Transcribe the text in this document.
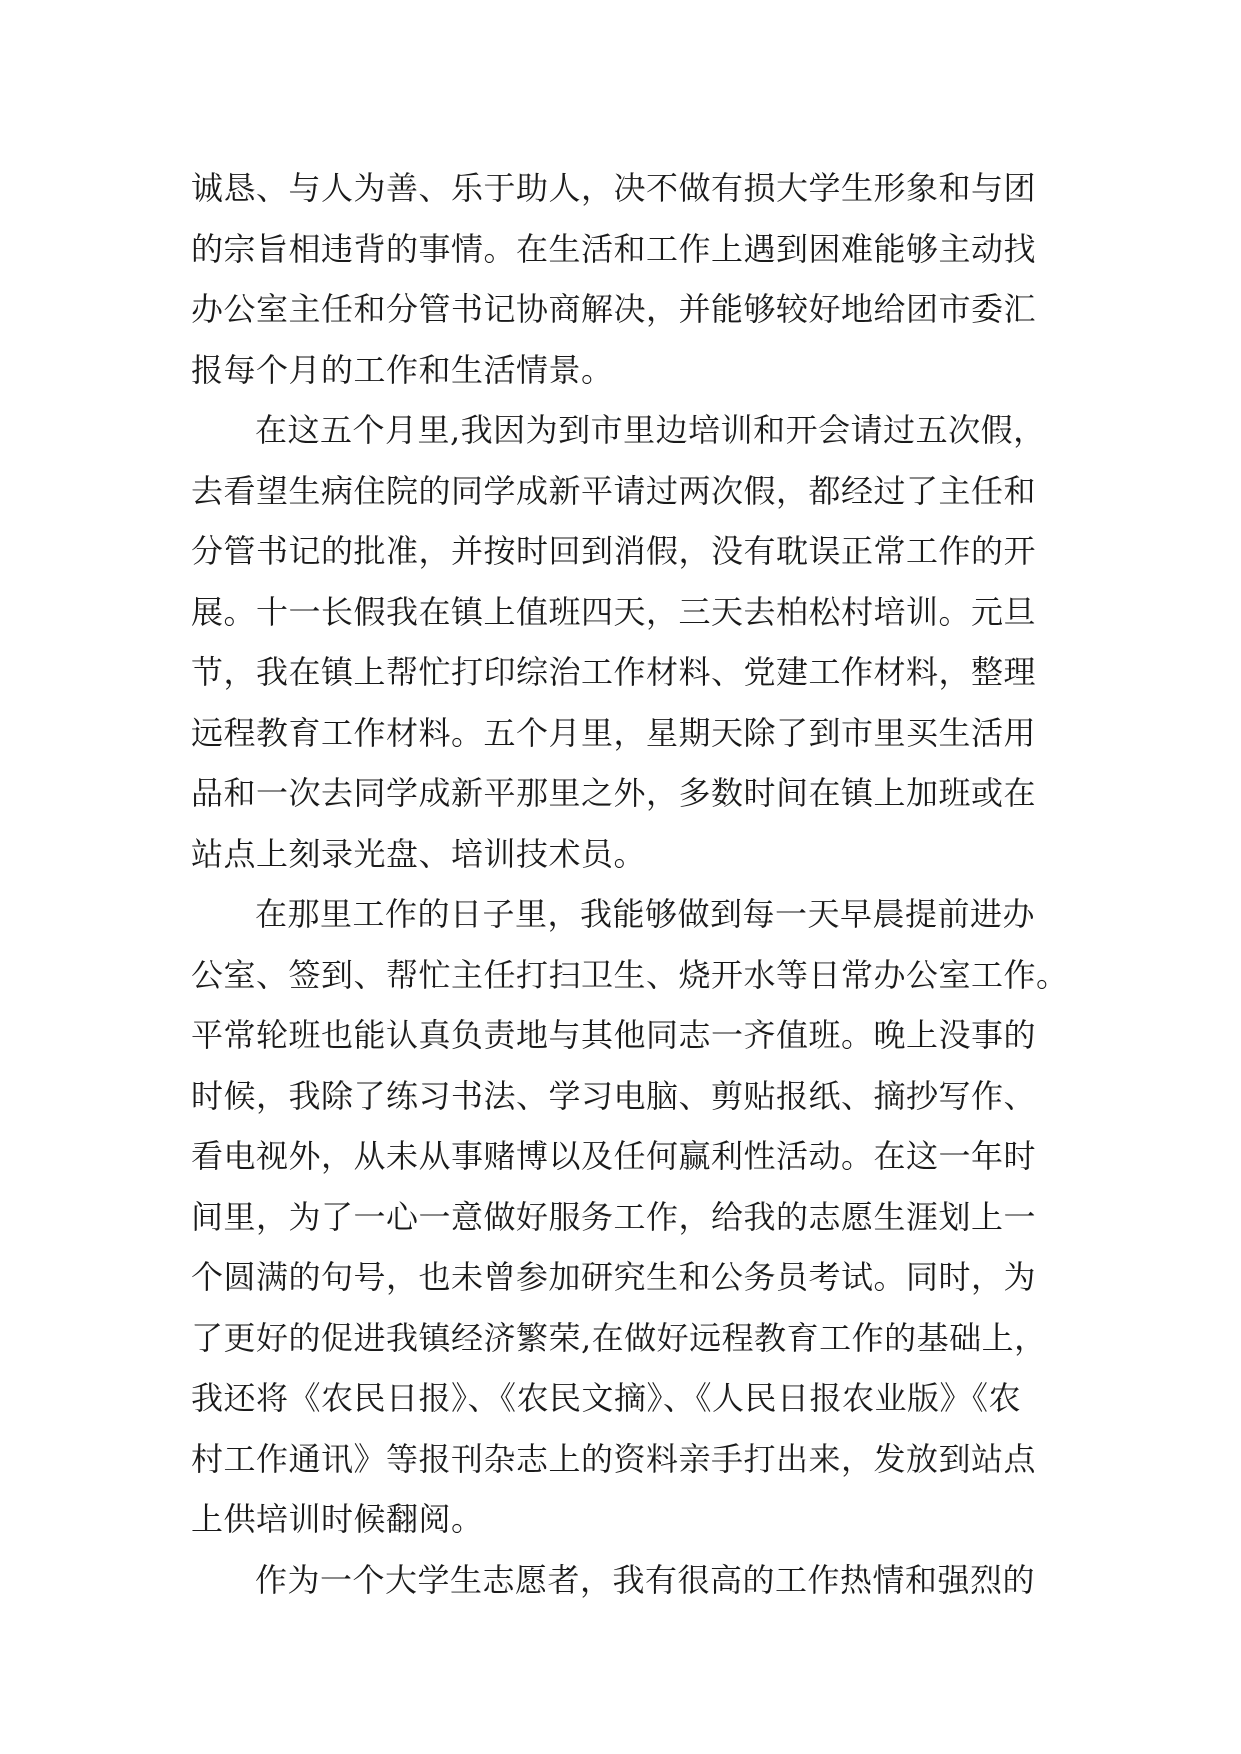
诚恳、与人为善、乐于助人，决不做有损大学生形象和与团
的宗旨相违背的事情。在生活和工作上遇到困难能够主动找
办公室主任和分管书记协商解决，并能够较好地给团市委汇
报每个月的工作和生活情景。
在这五个月里,我因为到市里边培训和开会请过五次假，
去看望生病住院的同学成新平请过两次假，都经过了主任和
分管书记的批准，并按时回到消假，没有耽误正常工作的开
展。十一长假我在镇上值班四天，三天去柏松村培训。元旦
节，我在镇上帮忙打印综治工作材料、党建工作材料，整理
远程教育工作材料。五个月里，星期天除了到市里买生活用
品和一次去同学成新平那里之外，多数时间在镇上加班或在
站点上刻录光盘、培训技术员。
在那里工作的日子里，我能够做到每一天早晨提前进办
公室、签到、帮忙主任打扫卫生、烧开水等日常办公室工作。
平常轮班也能认真负责地与其他同志一齐值班。晚上没事的
时候，我除了练习书法、学习电脑、剪贴报纸、摘抄写作、
看电视外，从未从事赌博以及任何赢利性活动。在这一年时
间里，为了一心一意做好服务工作，给我的志愿生涯划上一
个圆满的句号，也未曾参加研究生和公务员考试。同时，为
了更好的促进我镇经济繁荣,在做好远程教育工作的基础上，
我还将《农民日报》、《农民文摘》、《人民日报农业版》《农
村工作通讯》等报刊杂志上的资料亲手打出来，发放到站点
上供培训时候翻阅。
作为一个大学生志愿者，我有很高的工作热情和强烈的
